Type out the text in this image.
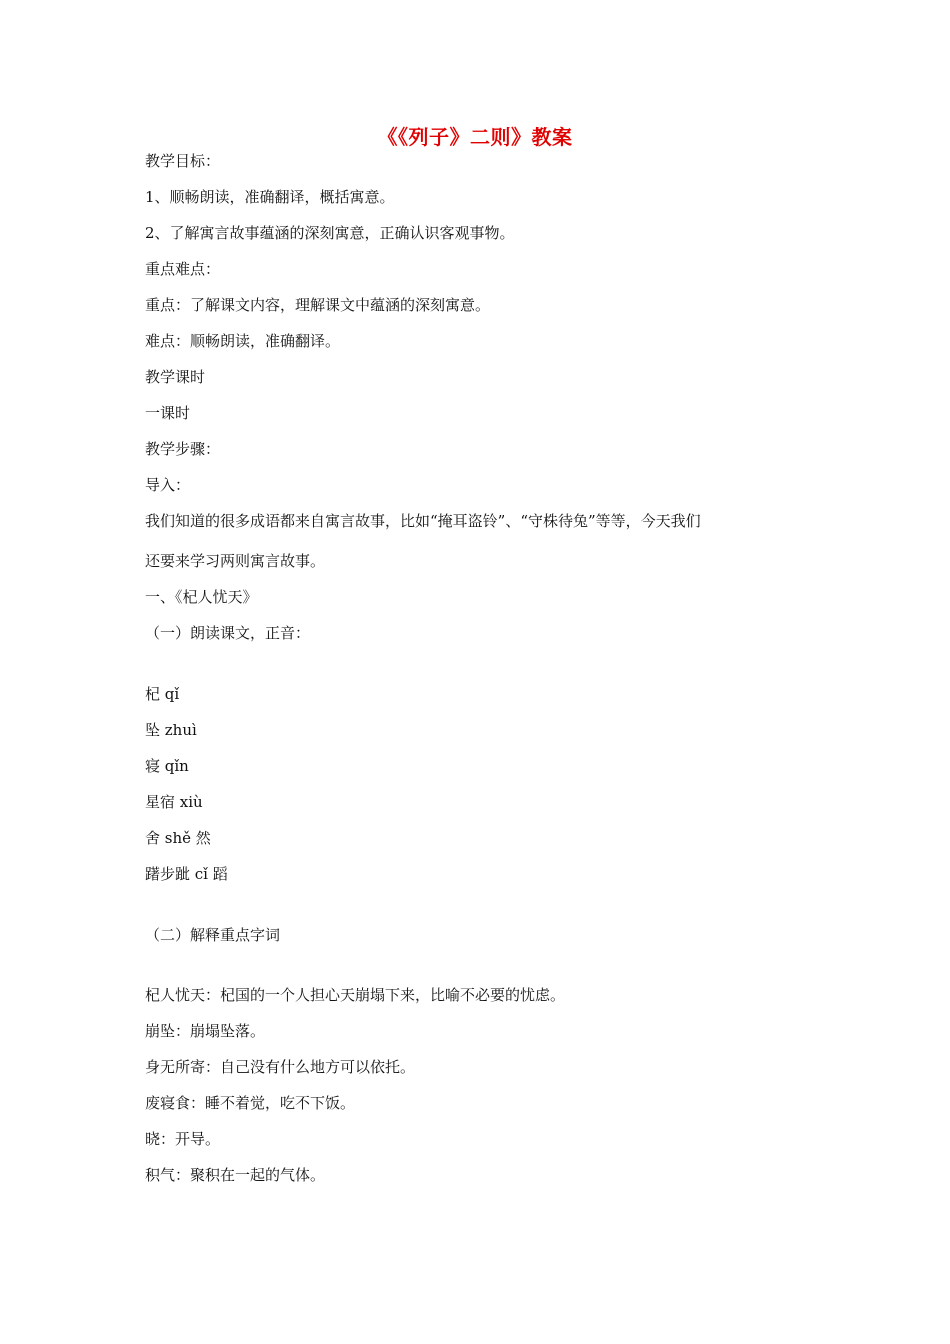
《《列子》二则》教案
教学目标：
1、顺畅朗读，准确翻译，概括寓意。
2、了解寓言故事蕴涵的深刻寓意，正确认识客观事物。
重点难点：
重点：了解课文内容，理解课文中蕴涵的深刻寓意。
难点：顺畅朗读，准确翻译。
教学课时
一课时
教学步骤：
导入：
我们知道的很多成语都来自寓言故事，比如“掩耳盗铃”、“守株待兔”等等，今天我们
还要来学习两则寓言故事。
一、《杞人忧天》
（一）朗读课文，正音：
杞 qǐ
坠 zhuì
寝 qǐn
星宿 xiù
舍 shě 然
躇步跐 cǐ 蹈
（二）解释重点字词
杞人忧天：杞国的一个人担心天崩塌下来，比喻不必要的忧虑。
崩坠：崩塌坠落。
身无所寄：自己没有什么地方可以依托。
废寝食：睡不着觉，吃不下饭。
晓：开导。
积气：聚积在一起的气体。
